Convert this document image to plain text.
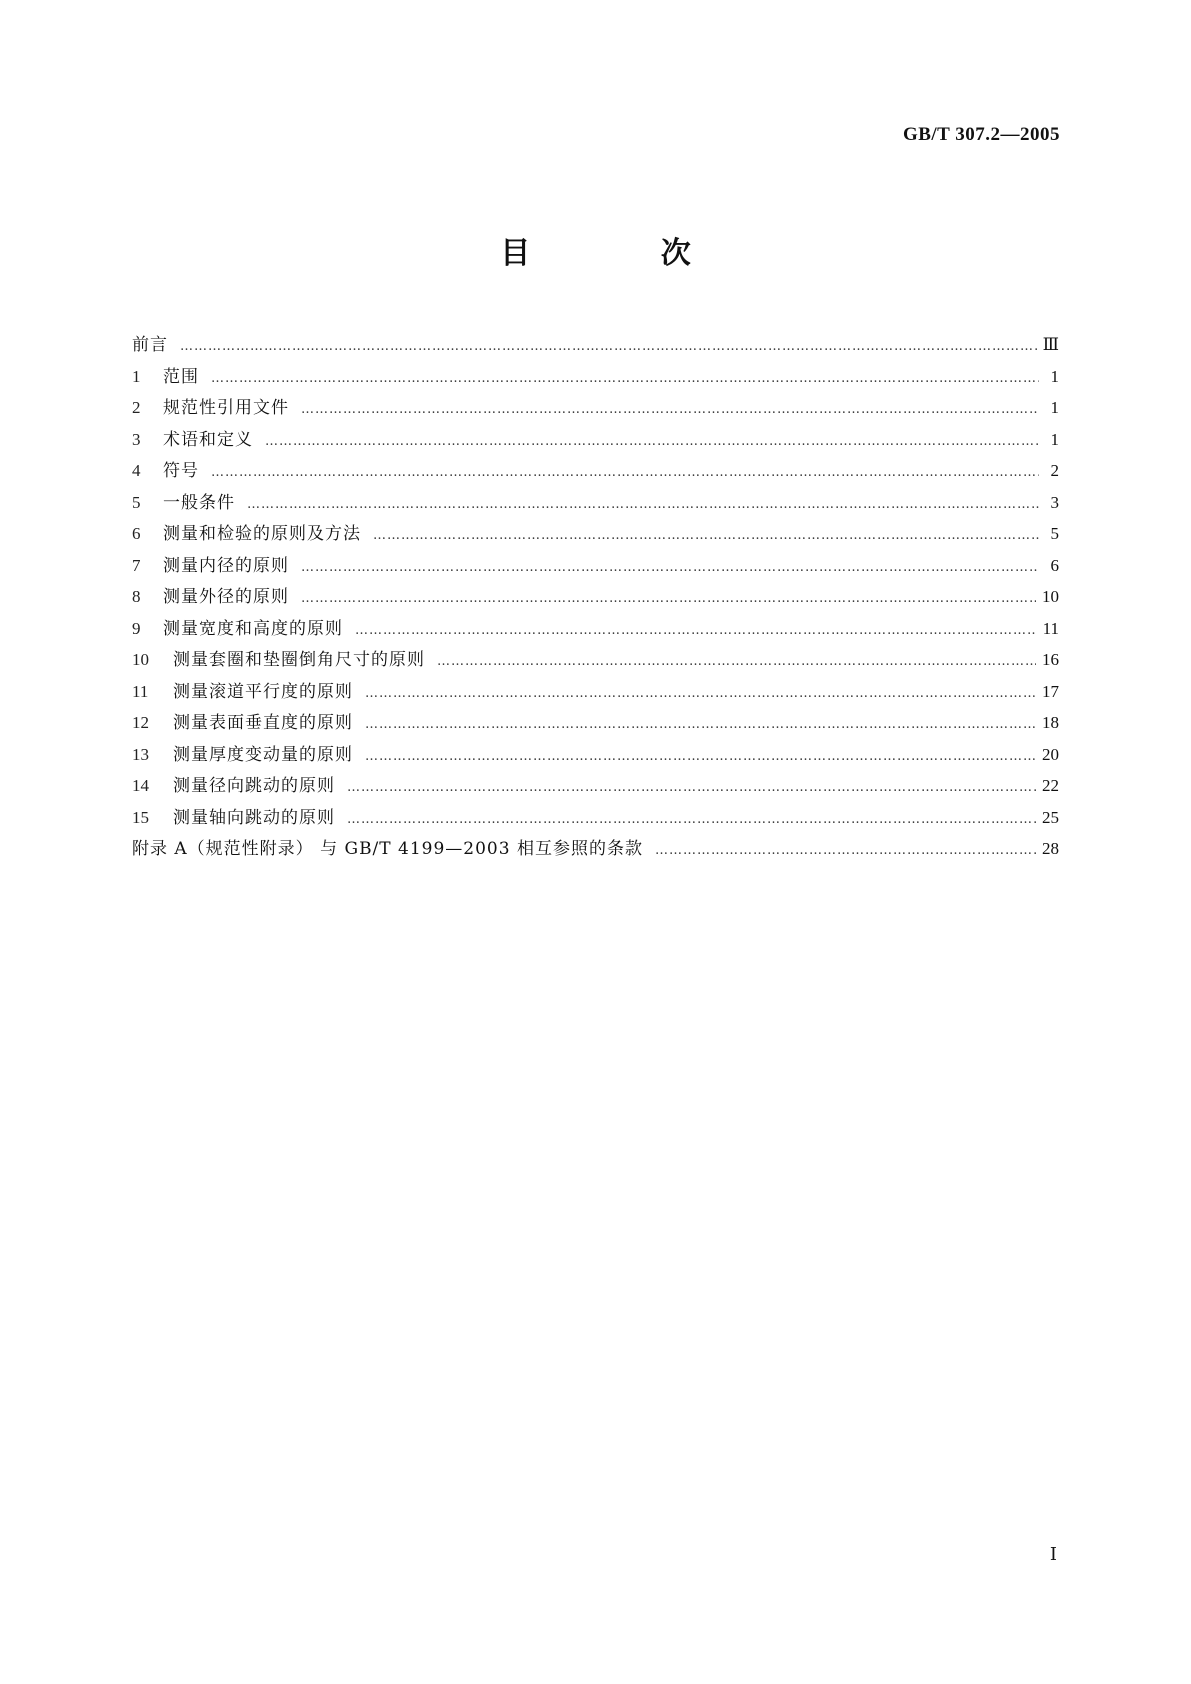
GB/T 307.2—2005
目 次
前言 …………………………………………………………………………………………………………………………………………………………………………………………………………	Ⅲ
1	范围 …………………………………………………………………………………………………………………………………………………………………………………………………………	1
2	规范性引用文件 …………………………………………………………………………………………………………………………………………………………………………………………………………	1
3	术语和定义 …………………………………………………………………………………………………………………………………………………………………………………………………………	1
4	符号 …………………………………………………………………………………………………………………………………………………………………………………………………………	2
5	一般条件 …………………………………………………………………………………………………………………………………………………………………………………………………………	3
6	测量和检验的原则及方法 …………………………………………………………………………………………………………………………………………………………………………………………………………	5
7	测量内径的原则 …………………………………………………………………………………………………………………………………………………………………………………………………………	6
8	测量外径的原则 …………………………………………………………………………………………………………………………………………………………………………………………………………	10
9	测量宽度和高度的原则 …………………………………………………………………………………………………………………………………………………………………………………………………………	11
10	测量套圈和垫圈倒角尺寸的原则 …………………………………………………………………………………………………………………………………………………………………………………………………………	16
11	测量滚道平行度的原则 …………………………………………………………………………………………………………………………………………………………………………………………………………	17
12	测量表面垂直度的原则 …………………………………………………………………………………………………………………………………………………………………………………………………………	18
13	测量厚度变动量的原则 …………………………………………………………………………………………………………………………………………………………………………………………………………	20
14	测量径向跳动的原则 …………………………………………………………………………………………………………………………………………………………………………………………………………	22
15	测量轴向跳动的原则 …………………………………………………………………………………………………………………………………………………………………………………………………………	25
附录 A（规范性附录） 与 GB/T 4199—2003 相互参照的条款 …………………………………………………………………………………………………………………………………………………………………………………………………………	28
Ⅰ
